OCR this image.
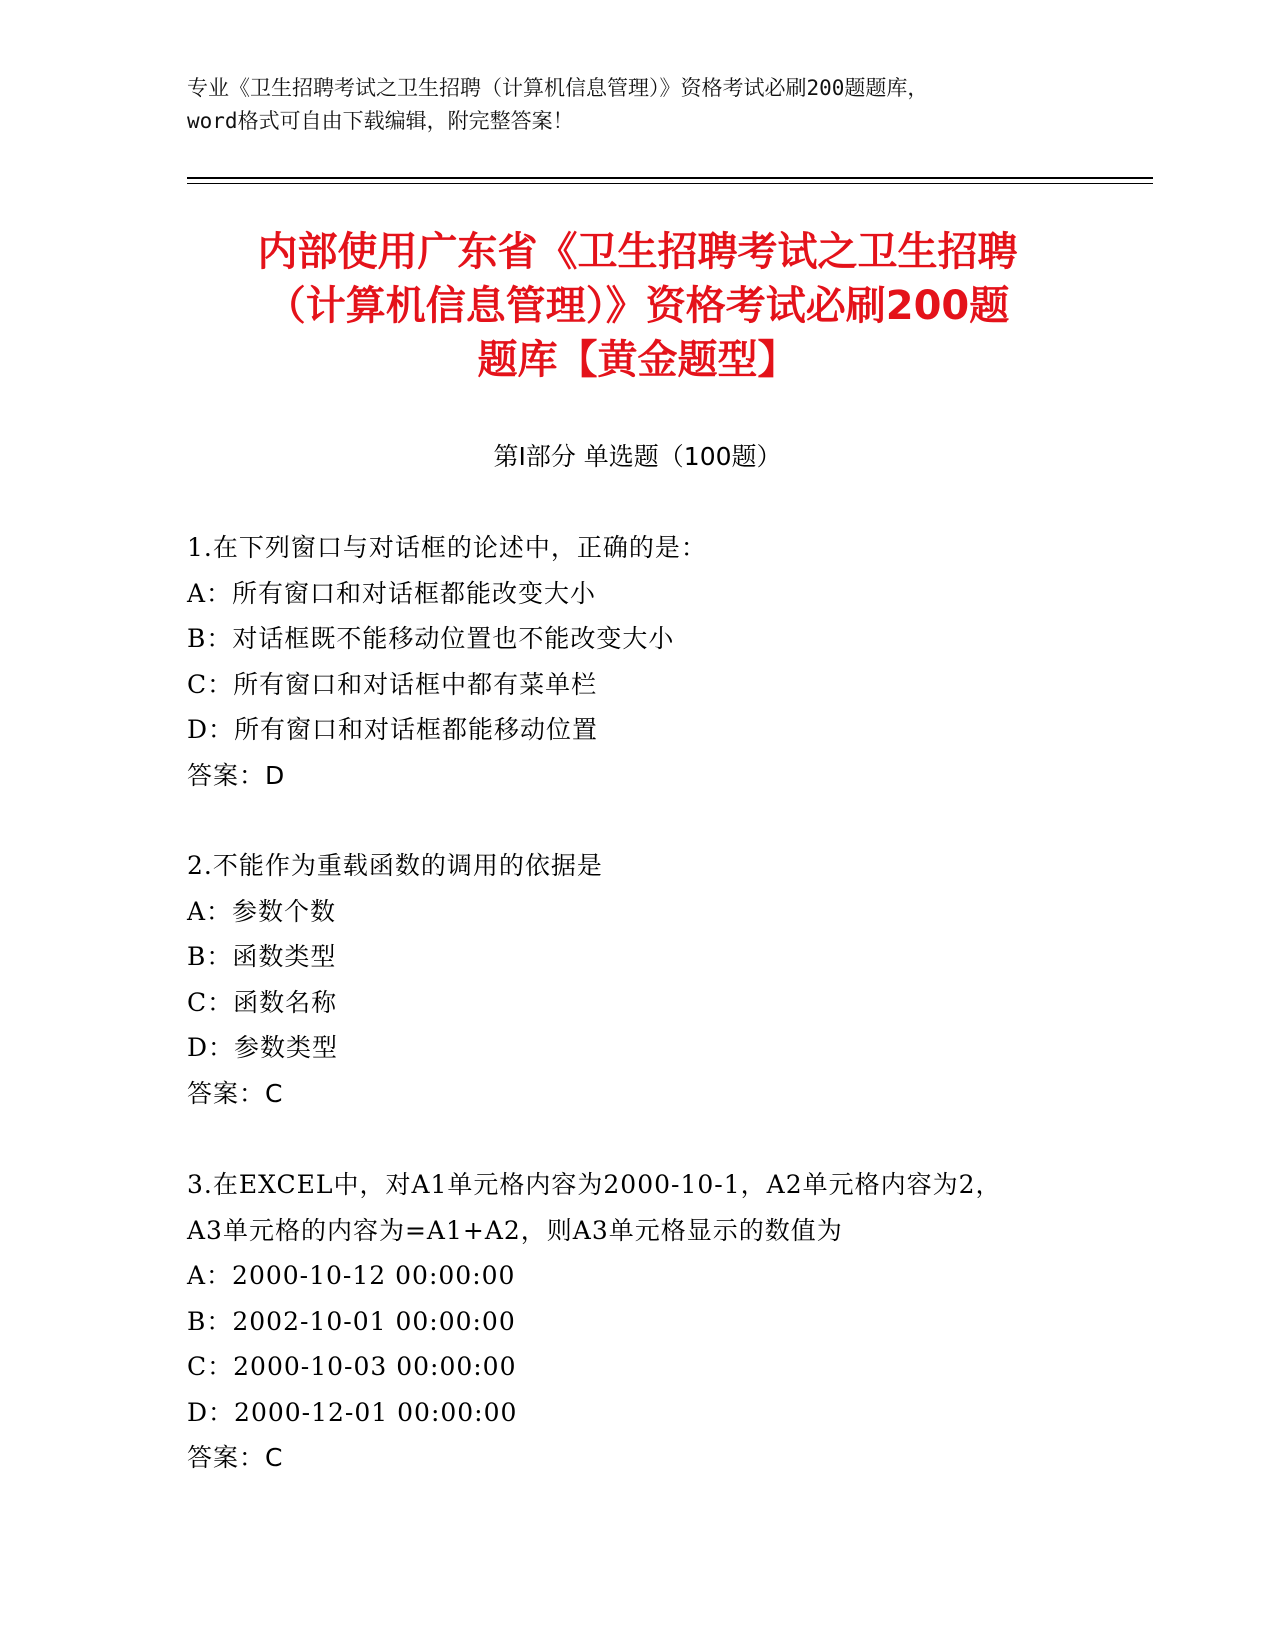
专业《卫生招聘考试之卫生招聘（计算机信息管理）》资格考试必刷200题题库，
word格式可自由下载编辑，附完整答案！
内部使用广东省《卫生招聘考试之卫生招聘
（计算机信息管理）》资格考试必刷200题
题库【黄金题型】
第Ⅰ部分 单选题（100题）
1.在下列窗口与对话框的论述中，正确的是：
A：所有窗口和对话框都能改变大小
B：对话框既不能移动位置也不能改变大小
C：所有窗口和对话框中都有菜单栏
D：所有窗口和对话框都能移动位置
答案：D
2.不能作为重载函数的调用的依据是
A：参数个数
B：函数类型
C：函数名称
D：参数类型
答案：C
3.在EXCEL中，对A1单元格内容为2000-10-1，A2单元格内容为2，
A3单元格的内容为=A1+A2，则A3单元格显示的数值为
A：2000-10-12 00:00:00
B：2002-10-01 00:00:00
C：2000-10-03 00:00:00
D：2000-12-01 00:00:00
答案：C
